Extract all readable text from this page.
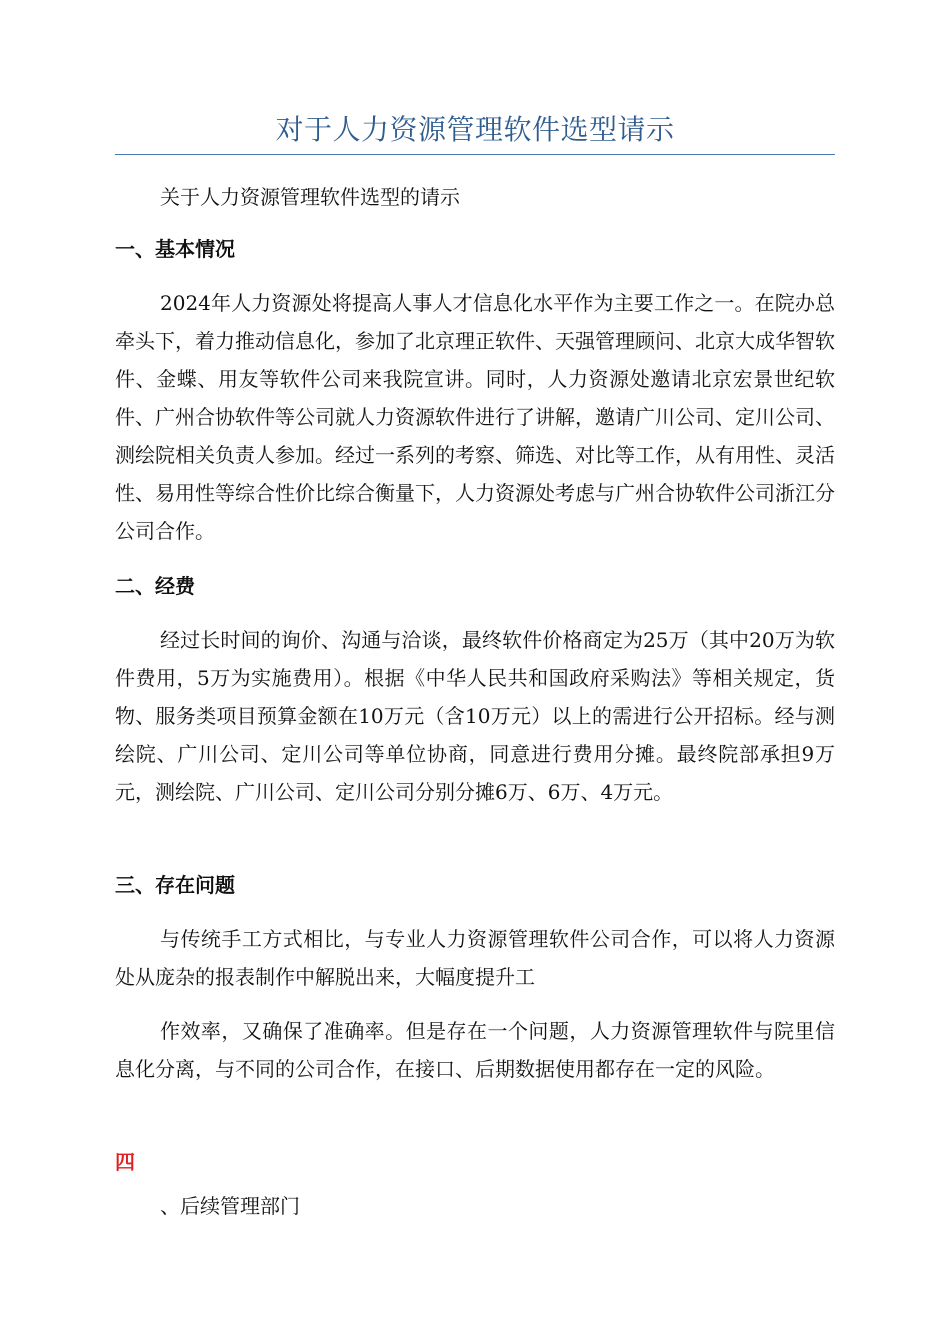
对于人力资源管理软件选型请示

关于人力资源管理软件选型的请示

一、基本情况

2024年人力资源处将提高人事人才信息化水平作为主要工作之一。在院办总牵头下，着力推动信息化，参加了北京理正软件、天强管理顾问、北京大成华智软件、金蝶、用友等软件公司来我院宣讲。同时，人力资源处邀请北京宏景世纪软件、广州合协软件等公司就人力资源软件进行了讲解，邀请广川公司、定川公司、测绘院相关负责人参加。经过一系列的考察、筛选、对比等工作，从有用性、灵活性、易用性等综合性价比综合衡量下，人力资源处考虑与广州合协软件公司浙江分公司合作。

二、经费

经过长时间的询价、沟通与洽谈，最终软件价格商定为25万（其中20万为软件费用，5万为实施费用）。根据《中华人民共和国政府采购法》等相关规定，货物、服务类项目预算金额在10万元（含10万元）以上的需进行公开招标。经与测绘院、广川公司、定川公司等单位协商，同意进行费用分摊。最终院部承担9万元，测绘院、广川公司、定川公司分别分摊6万、6万、4万元。

三、存在问题

与传统手工方式相比，与专业人力资源管理软件公司合作，可以将人力资源处从庞杂的报表制作中解脱出来，大幅度提升工

作效率，又确保了准确率。但是存在一个问题，人力资源管理软件与院里信息化分离，与不同的公司合作，在接口、后期数据使用都存在一定的风险。

四

、后续管理部门
